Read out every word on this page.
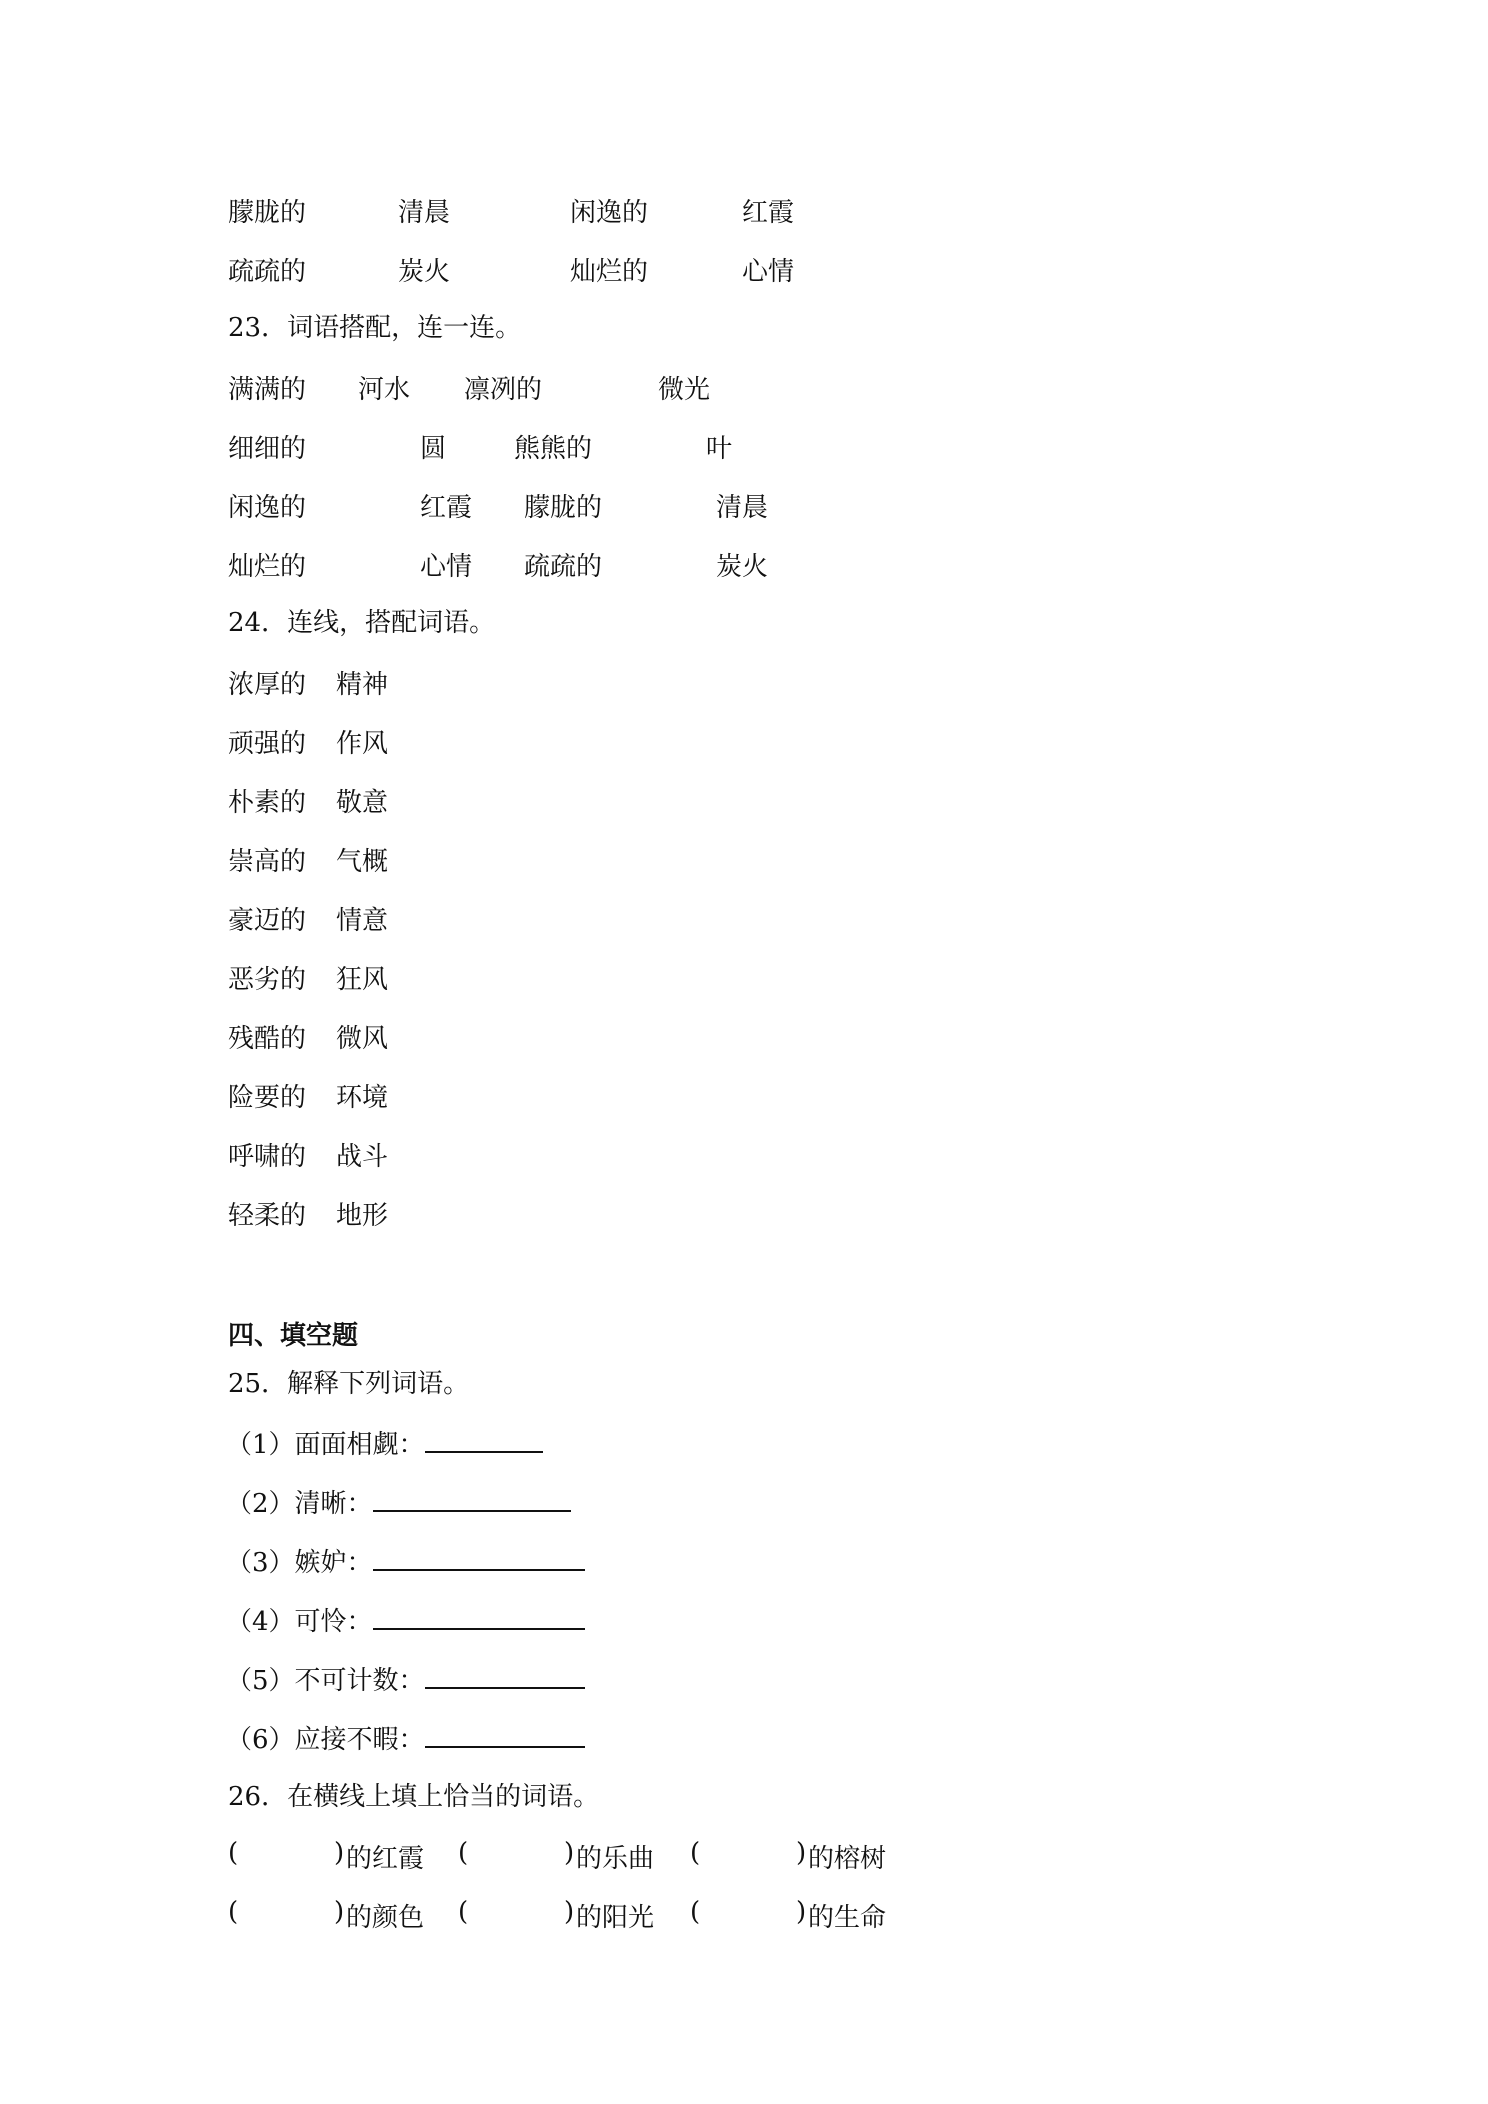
朦胧的	清晨	闲逸的	红霞
疏疏的	炭火	灿烂的	心情
23．词语搭配，连一连。
满满的 河水 凛冽的	微光
细细的	圆	熊熊的	叶
闲逸的	红霞 朦胧的	清晨
灿烂的	心情 疏疏的	炭火
24．连线，搭配词语。
浓厚的 精神
顽强的 作风
朴素的 敬意
崇高的 气概
豪迈的 情意
恶劣的 狂风
残酷的 微风
险要的 环境
呼啸的 战斗
轻柔的 地形
四、填空题
25．解释下列词语。
（1）面面相觑：
（2）清晰：
（3）嫉妒：
（4）可怜：
（5）不可计数：
（6）应接不暇：
26．在横线上填上恰当的词语。
(	) 的红霞 (	) 的乐曲 (	) 的榕树
(	) 的颜色 (	) 的阳光 (	) 的生命
